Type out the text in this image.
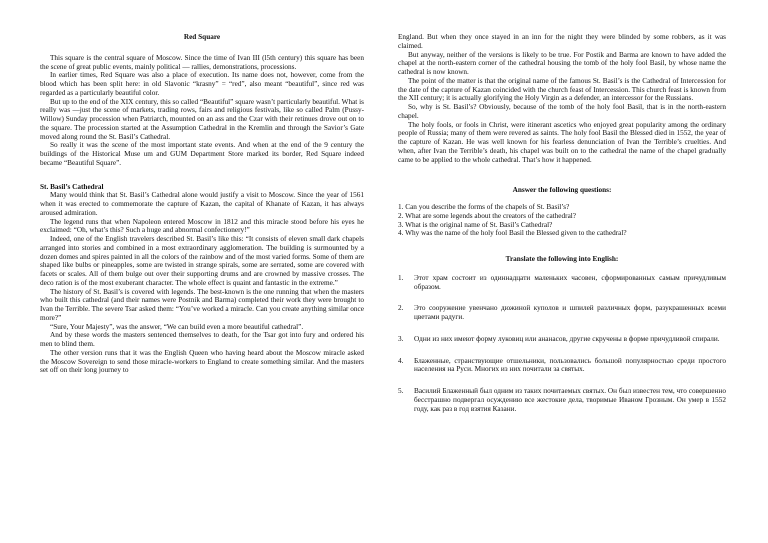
Red Square

This square is the central square of Moscow. Since the time of Ivan III (l5th century) this square has been the scene of great public events, mainly political — rallies, demonstrations, processions.

In earlier times, Red Square was also a place of execution. Its name does not, however, come from the blood which has been split here: in old Slavonic “krasny” = “red”, also meant “beautiful”, since red was regarded as a particularly beautiful color.

But up to the end of the XIX century, this so called “Beautiful” square wasn’t particularly beautiful. What is really was —just the scene of markets, trading rows, fairs and religious festivals, like so called Palm (Pussy-Willow) Sunday procession when Patriarch, mounted on an ass and the Czar with their retinues drove out on to the square. The procession started at the Assumption Cathedral in the Kremlin and through the Savior’s Gate moved along round the St. Basil’s Cathedral.

So really it was the scene of the most important state events. And when at the end of the 9 century the buildings of the Historical Muse um and GUM Department Store marked its border, Red Square indeed became “Beautiful Square”.

St. Basil’s Cathedral

Many would think that St. Basil’s Cathedral alone would justify a visit to Moscow. Since the year of 1561 when it was erected to commemorate the capture of Kazan, the capital of Khanate of Kazan, it has always aroused admiration.

The legend runs that when Napoleon entered Moscow in 1812 and this miracle stood before his eyes he exclaimed: “Oh, what’s this? Such a huge and abnormal confectionery!”

Indeed, one of the English travelers described St. Basil’s like this: “It consists of eleven small dark chapels arranged into stories and combined in a most extraordinary agglomeration. The building is surmounted by a dozen domes and spires painted in all the colors of the rainbow and of the most varied forms. Some of them are shaped like bulbs or pineapples, some are twisted in strange spirals, some are serrated, some are covered with facets or scales. All of them bulge out over their supporting drums and are crowned by massive crosses. The deco ration is of the most exuberant character. The whole effect is quaint and fantastic in the extreme.”

The history of St. Basil’s is covered with legends. The best-known is the one running that when the masters who built this cathedral (and their names were Postnik and Barma) completed their work they were brought to Ivan the Terrible. The severe Tsar asked them: “You’ve worked a miracle. Can you create anything similar once more?”

“Sure, Your Majesty”, was the answer, “We can build even a more beautiful cathedral”.

And by these words the masters sentenced themselves to death, for the Tsar got into fury and ordered his men to blind them.

The other version runs that it was the English Queen who having heard about the Moscow miracle asked the Moscow Sovereign to send those miracle-workers to England to create something similar. And the masters set off on their long journey to

England. But when they once stayed in an inn for the night they were blinded by some robbers, as it was claimed.

But anyway, neither of the versions is likely to be true. For Postik and Barma are known to have added the chapel at the north-eastern corner of the cathedral housing the tomb of the holy fool Basil, by whose name the cathedral is now known.

The point of the matter is that the original name of the famous St. Basil’s is the Cathedral of Intercession for the date of the capture of Kazan coincided with the church feast of Intercession. This church feast is known from the XII century; it is actually glorifying the Holy Virgin as a defender, an intercessor for the Russians.

So, why is St. Basil’s? Obviously, because of the tomb of the holy fool Basil, that is in the north-eastern chapel.

The holy fools, or fools in Christ, were itinerant ascetics who enjoyed great popularity among the ordinary people of Russia; many of them were revered as saints. The holy fool Basil the Blessed died in 1552, the year of the capture of Kazan. He was well known for his fearless denunciation of Ivan the Terrible’s cruelties. And when, after Ivan the Terrible’s death, his chapel was built on to the cathedral the name of the chapel gradually came to be applied to the whole cathedral. That’s how it happened.

Answer the following questions:
1. Can you describe the forms of the chapels of St. Basil’s?
2. What are some legends about the creators of the cathedral?
3. What is the original name of St. Basil’s Cathedral?
4. Why was the name of the holy fool Basil the Blessed given to the cathedral?
Translate the following into English:
1.	Этот храм состоит из одиннадцати маленьких часовен, сформированных самым причудливым образом.
2.	Это сооружение увенчано дюжиной куполов и шпилей различных форм, разукрашенных всеми цветами радуги.
3.	Одни из них имеют форму луковиц или ананасов, другие скручены в форме причудливой спирали.
4.	Блаженные, странствующие отшельники, пользовались большой популярностью среди простого населения на Руси. Многих из них почитали за святых.
5.	Василий Блаженный был одним из таких почитаемых святых. Он был известен тем, что совершенно бесстрашно подвергал осуждению все жестокие дела, творимые Иваном Грозным. Он умер в 1552 году, как раз в год взятия Казани.
